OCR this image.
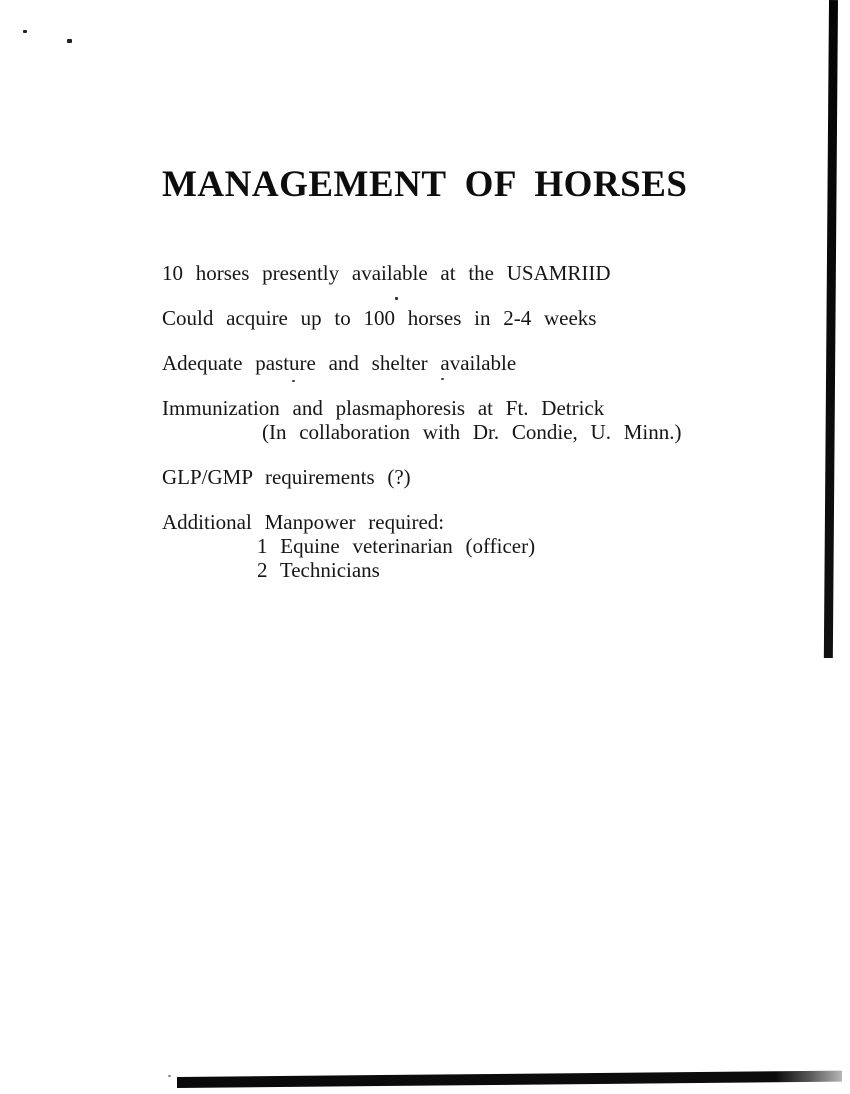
MANAGEMENT OF HORSES

10 horses presently available at the USAMRIID

Could acquire up to 100 horses in 2-4 weeks

Adequate pasture and shelter available

Immunization and plasmaphoresis at Ft. Detrick
(In collaboration with Dr. Condie, U. Minn.)

GLP/GMP requirements (?)

Additional Manpower required:
1 Equine veterinarian (officer)
2 Technicians
